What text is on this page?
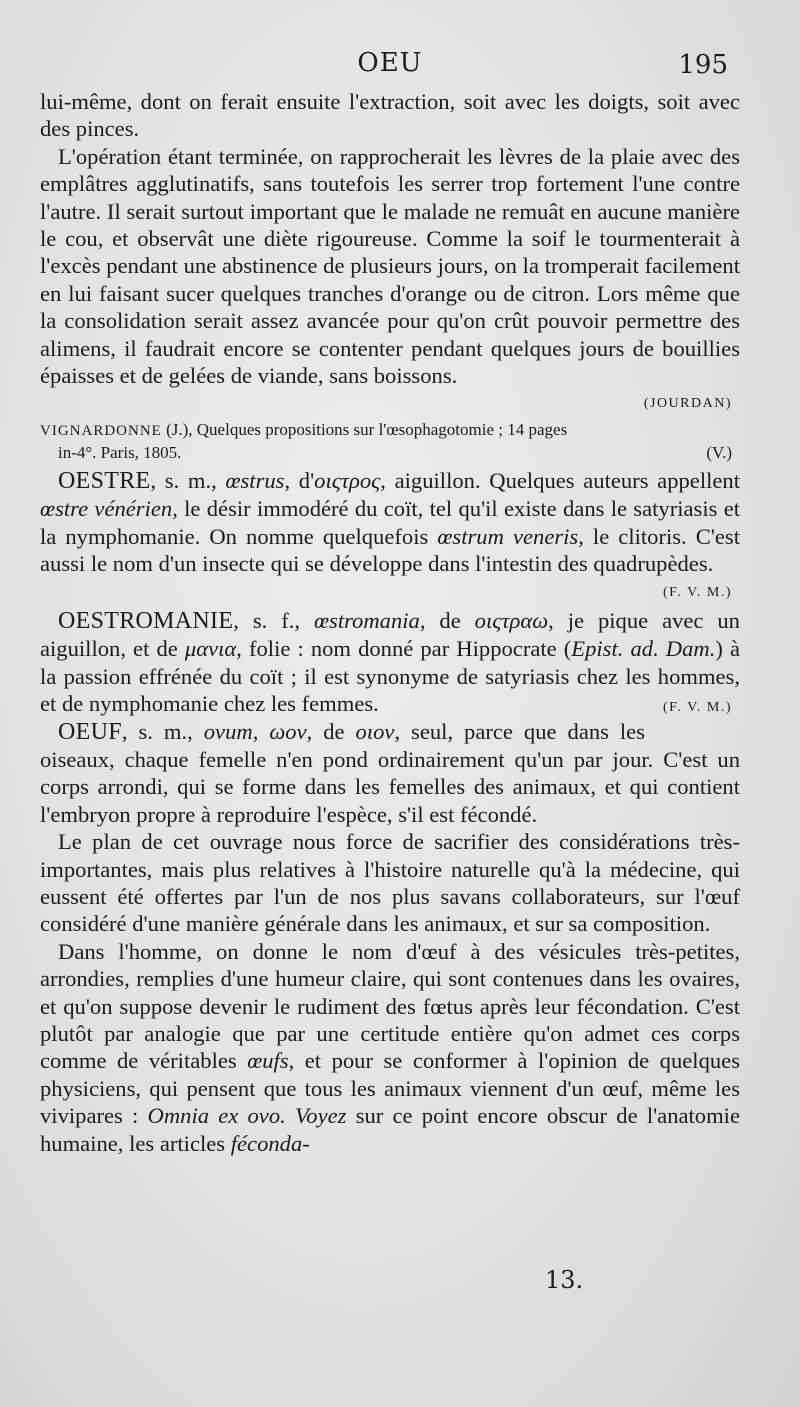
OEU	195

lui-même, dont on ferait ensuite l'extraction, soit avec les doigts, soit avec des pinces.

L'opération étant terminée, on rapprocherait les lèvres de la plaie avec des emplâtres agglutinatifs, sans toutefois les serrer trop fortement l'une contre l'autre. Il serait surtout important que le malade ne remuât en aucune manière le cou, et observât une diète rigoureuse. Comme la soif le tourmenterait à l'excès pendant une abstinence de plusieurs jours, on la tromperait facilement en lui faisant sucer quelques tranches d'orange ou de citron. Lors même que la consolidation serait assez avancée pour qu'on crût pouvoir permettre des alimens, il faudrait encore se contenter pendant quelques jours de bouillies épaisses et de gelées de viande, sans boissons.

(JOURDAN)
VIGNARDONNE (J.), Quelques propositions sur l'œsophagotomie ; 14 pages
in-4°. Paris, 1805.	(V.)

OESTRE, s. m., œstrus, d'οιςτρος, aiguillon. Quelques auteurs appellent œstre vénérien, le désir immodéré du coït, tel qu'il existe dans le satyriasis et la nymphomanie. On nomme quelquefois œstrum veneris, le clitoris. C'est aussi le nom d'un insecte qui se développe dans l'intestin des quadrupèdes.

(F. V. M.)

OESTROMANIE, s. f., œstromania, de οιςτραω, je pique avec un aiguillon, et de μανια, folie : nom donné par Hippocrate (Epist. ad. Dam.) à la passion effrénée du coït ; il est synonyme de satyriasis chez les hommes, et de nymphomanie chez les femmes.	(F. V. M.)

OEUF, s. m., ovum, ωον, de οιον, seul, parce que dans les oiseaux, chaque femelle n'en pond ordinairement qu'un par jour. C'est un corps arrondi, qui se forme dans les femelles des animaux, et qui contient l'embryon propre à reproduire l'espèce, s'il est fécondé.

Le plan de cet ouvrage nous force de sacrifier des considérations très-importantes, mais plus relatives à l'histoire naturelle qu'à la médecine, qui eussent été offertes par l'un de nos plus savans collaborateurs, sur l'œuf considéré d'une manière générale dans les animaux, et sur sa composition.

Dans l'homme, on donne le nom d'œuf à des vésicules très-petites, arrondies, remplies d'une humeur claire, qui sont contenues dans les ovaires, et qu'on suppose devenir le rudiment des fœtus après leur fécondation. C'est plutôt par analogie que par une certitude entière qu'on admet ces corps comme de véritables œufs, et pour se conformer à l'opinion de quelques physiciens, qui pensent que tous les animaux viennent d'un œuf, même les vivipares : Omnia ex ovo. Voyez sur ce point encore obscur de l'anatomie humaine, les articles féconda-

13.
